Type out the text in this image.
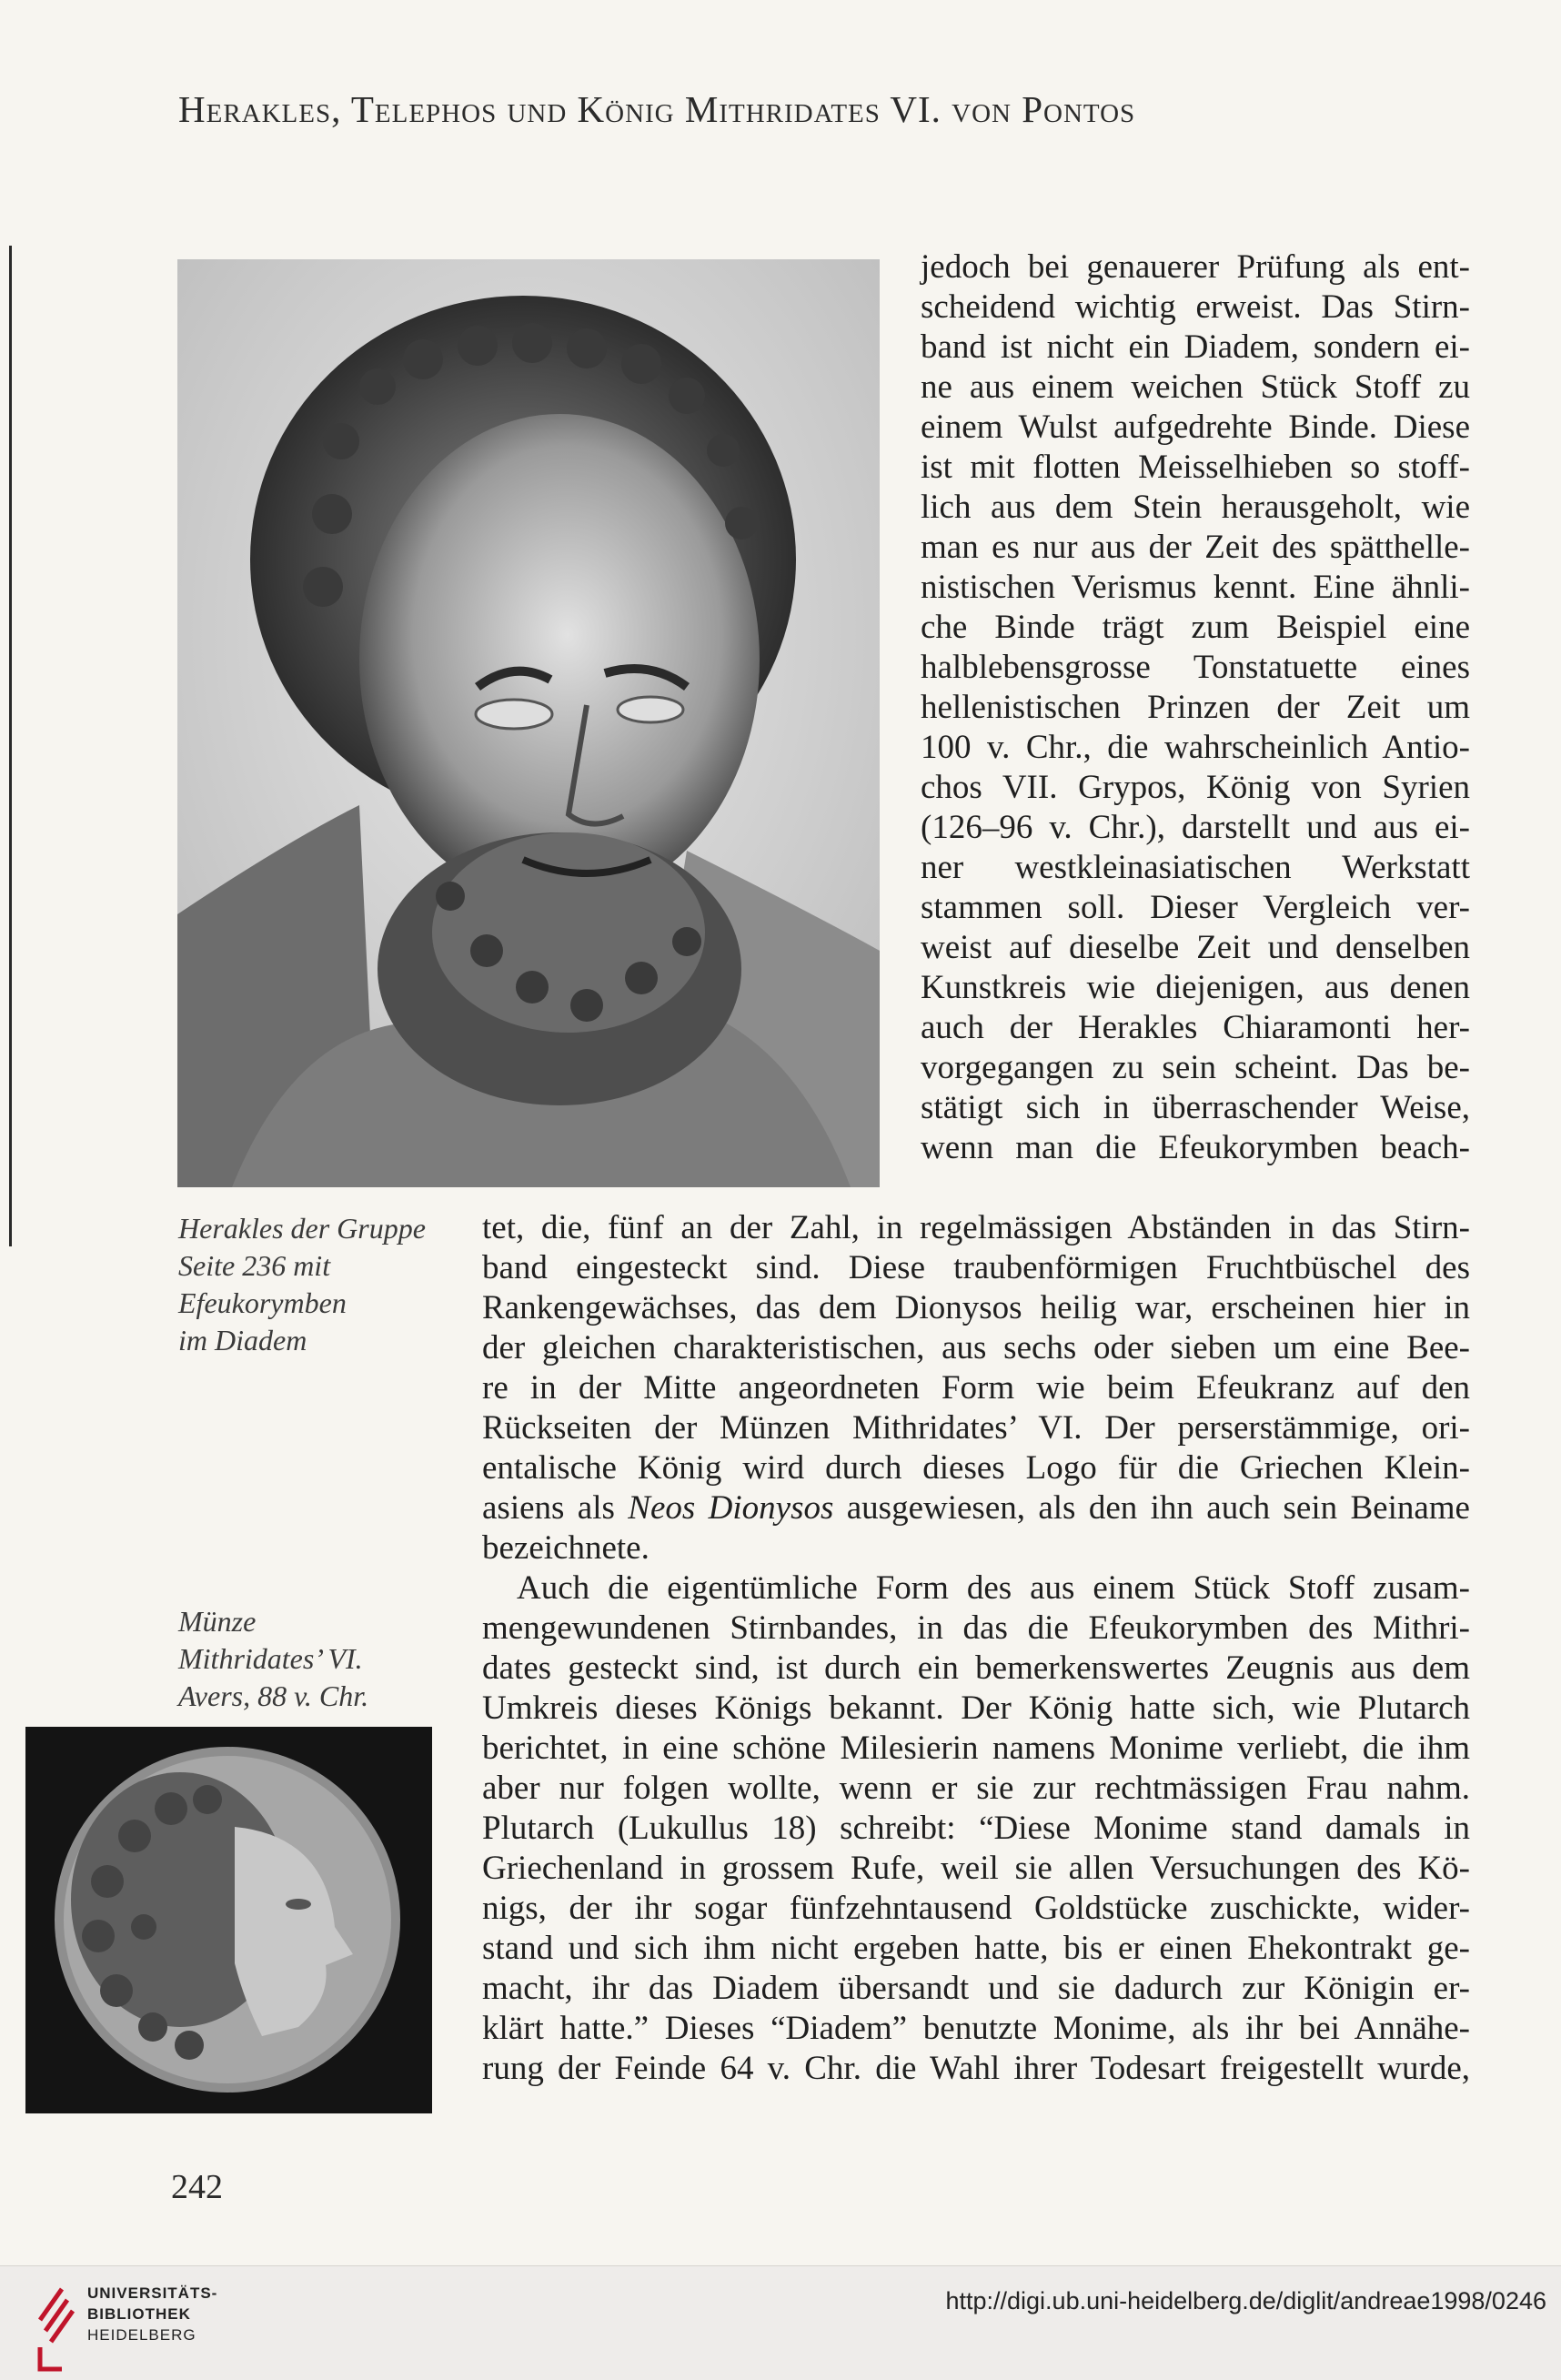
Herakles, Telephos und König Mithridates VI. von Pontos
Herakles der Gruppe
Seite 236 mit
Efeukorymben
im Diadem
Münze
Mithridates’ VI.
Avers, 88 v. Chr.
jedoch bei genauerer Prüfung als ent-
scheidend wichtig erweist. Das Stirn-
band ist nicht ein Diadem, sondern ei-
ne aus einem weichen Stück Stoff zu
einem Wulst aufgedrehte Binde. Diese
ist mit flotten Meisselhieben so stoff-
lich aus dem Stein herausgeholt, wie
man es nur aus der Zeit des spätthelle-
nistischen Verismus kennt. Eine ähnli-
che Binde trägt zum Beispiel eine
halblebensgrosse Tonstatuette eines
hellenistischen Prinzen der Zeit um
100 v. Chr., die wahrscheinlich Antio-
chos VII. Grypos, König von Syrien
(126–96 v. Chr.), darstellt und aus ei-
ner westkleinasiatischen Werkstatt
stammen soll. Dieser Vergleich ver-
weist auf dieselbe Zeit und denselben
Kunstkreis wie diejenigen, aus denen
auch der Herakles Chiaramonti her-
vorgegangen zu sein scheint. Das be-
stätigt sich in überraschender Weise,
wenn man die Efeukorymben beach-
tet, die, fünf an der Zahl, in regelmässigen Abständen in das Stirn-
band eingesteckt sind. Diese traubenförmigen Fruchtbüschel des
Rankengewächses, das dem Dionysos heilig war, erscheinen hier in
der gleichen charakteristischen, aus sechs oder sieben um eine Bee-
re in der Mitte angeordneten Form wie beim Efeukranz auf den
Rückseiten der Münzen Mithridates’ VI. Der perserstämmige, ori-
entalische König wird durch dieses Logo für die Griechen Klein-
asiens als Neos Dionysos ausgewiesen, als den ihn auch sein Beiname
bezeichnete.
Auch die eigentümliche Form des aus einem Stück Stoff zusam-
mengewundenen Stirnbandes, in das die Efeukorymben des Mithri-
dates gesteckt sind, ist durch ein bemerkenswertes Zeugnis aus dem
Umkreis dieses Königs bekannt. Der König hatte sich, wie Plutarch
berichtet, in eine schöne Milesierin namens Monime verliebt, die ihm
aber nur folgen wollte, wenn er sie zur rechtmässigen Frau nahm.
Plutarch (Lukullus 18) schreibt: “Diese Monime stand damals in
Griechenland in grossem Rufe, weil sie allen Versuchungen des Kö-
nigs, der ihr sogar fünfzehntausend Goldstücke zuschickte, wider-
stand und sich ihm nicht ergeben hatte, bis er einen Ehekontrakt ge-
macht, ihr das Diadem übersandt und sie dadurch zur Königin er-
klärt hatte.” Dieses “Diadem” benutzte Monime, als ihr bei Annähe-
rung der Feinde 64 v. Chr. die Wahl ihrer Todesart freigestellt wurde,
242
UNIVERSITÄTS-
BIBLIOTHEK
HEIDELBERG
http://digi.ub.uni-heidelberg.de/diglit/andreae1998/0246
